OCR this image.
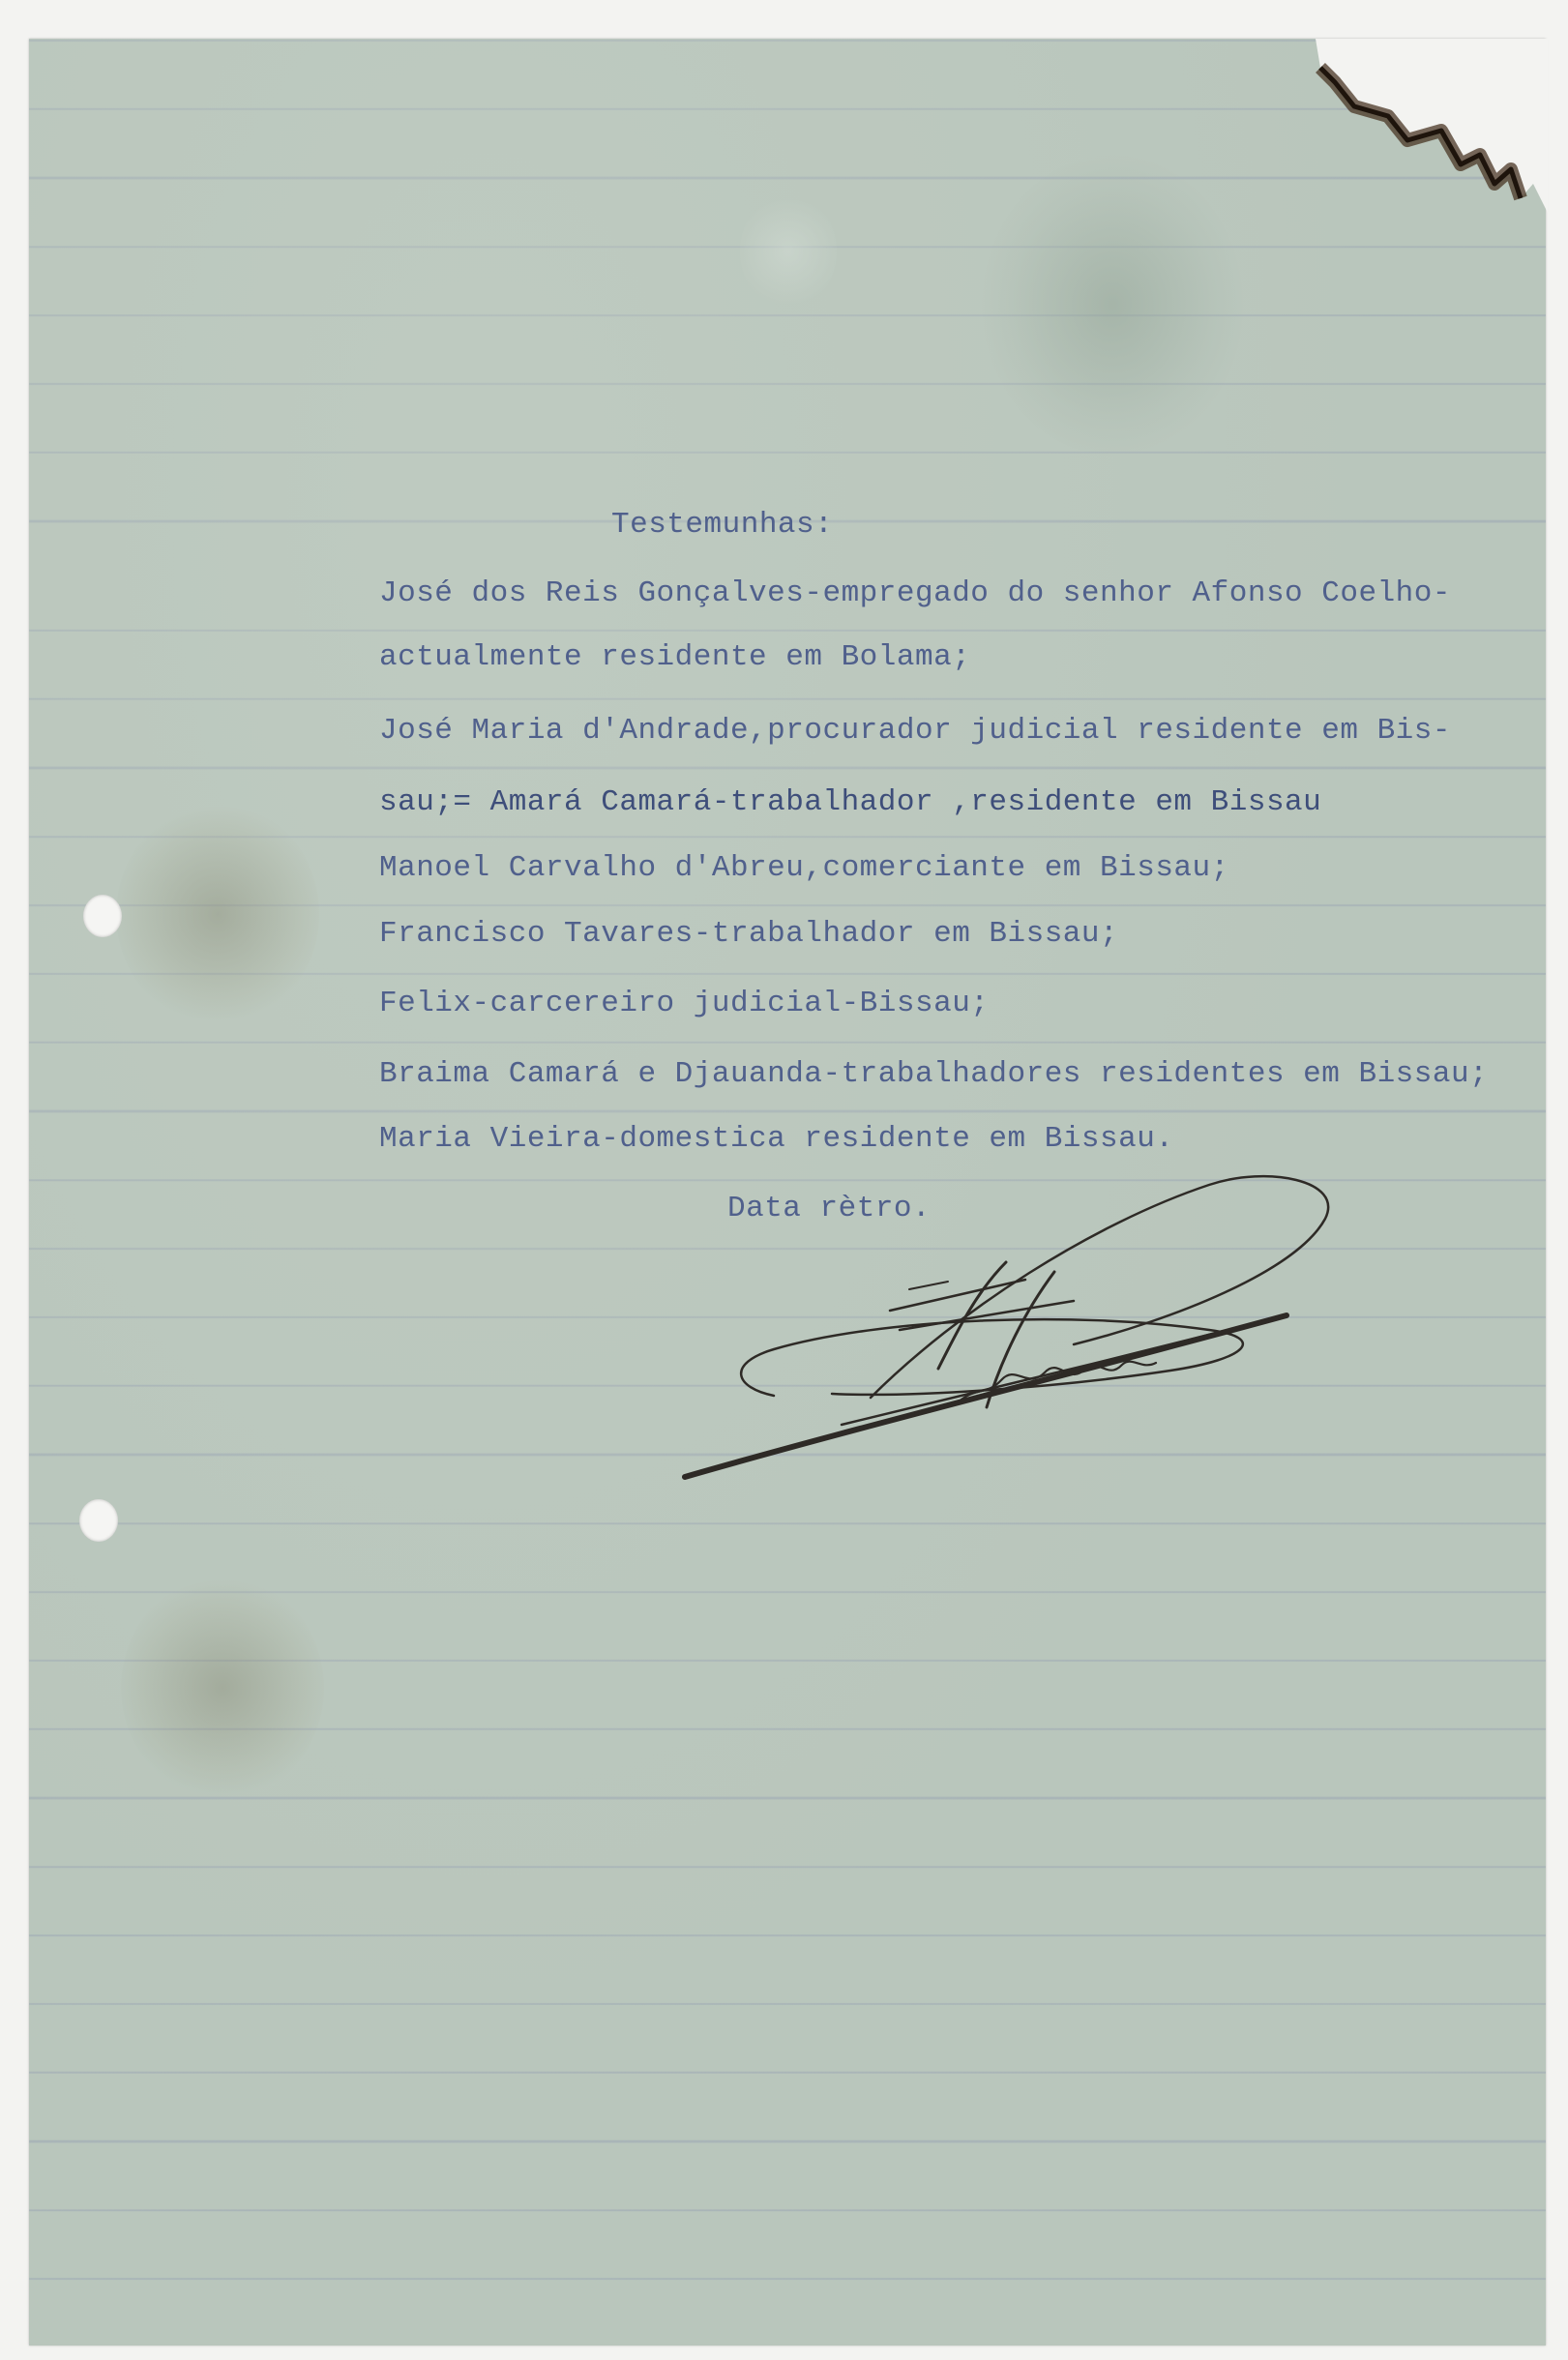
Testemunhas:
José dos Reis Gonçalves-empregado do senhor Afonso Coelho-
actualmente residente em Bolama;
José Maria d'Andrade,procurador judicial residente em Bis-
sau;= Amará Camará-trabalhador ,residente em Bissau
Manoel Carvalho d'Abreu,comerciante em Bissau;
Francisco Tavares-trabalhador em Bissau;
Felix-carcereiro judicial-Bissau;
Braima Camará e Djauanda-trabalhadores residentes em Bissau;
Maria Vieira-domestica residente em Bissau.
Data rètro.
